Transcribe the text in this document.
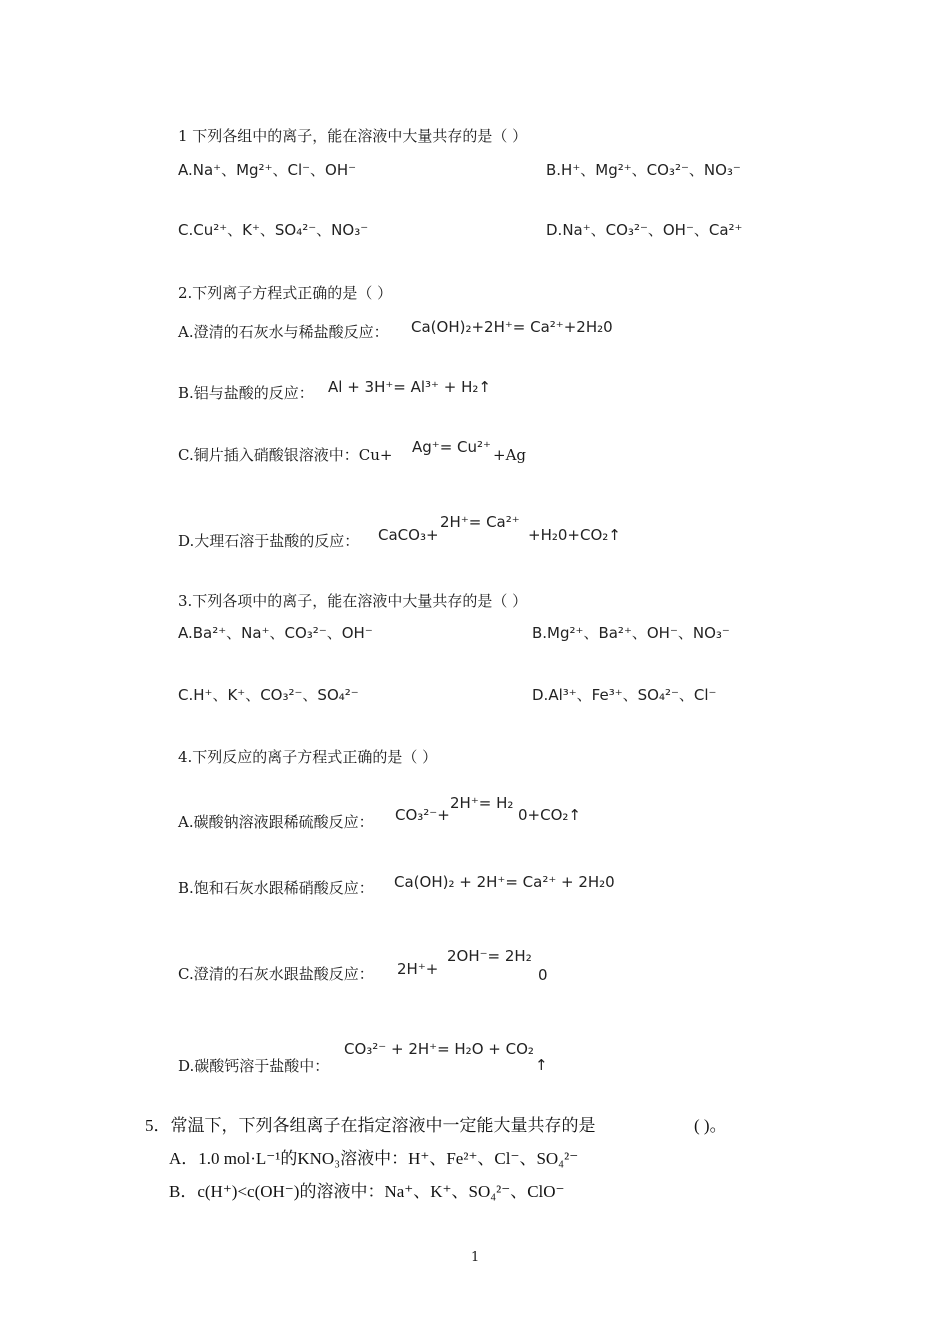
1 下列各组中的离子，能在溶液中大量共存的是（ ）
A.Na⁺、Mg²⁺、Cl⁻、OH⁻	B.H⁺、Mg²⁺、CO₃²⁻、NO₃⁻
C.Cu²⁺、K⁺、SO₄²⁻、NO₃⁻	D.Na⁺、CO₃²⁻、OH⁻、Ca²⁺
2.下列离子方程式正确的是（ ）
A.澄清的石灰水与稀盐酸反应： Ca(OH)₂+2H⁺= Ca²⁺+2H₂0
B.铝与盐酸的反应： Al + 3H⁺= Al³⁺ + H₂↑
C.铜片插入硝酸银溶液中：Cu+ Ag⁺= Cu²⁺ +Ag
D.大理石溶于盐酸的反应： CaCO₃+
2H⁺= Ca²⁺
+H₂0+CO₂↑
3.下列各项中的离子，能在溶液中大量共存的是（ ）
A.Ba²⁺、Na⁺、CO₃²⁻、OH⁻	B.Mg²⁺、Ba²⁺、OH⁻、NO₃⁻
C.H⁺、K⁺、CO₃²⁻、SO₄²⁻	D.Al³⁺、Fe³⁺、SO₄²⁻、Cl⁻
4.下列反应的离子方程式正确的是（ ）
A.碳酸钠溶液跟稀硫酸反应： CO₃²⁻+
2H⁺= H₂
0+CO₂↑
B.饱和石灰水跟稀硝酸反应： Ca(OH)₂ + 2H⁺= Ca²⁺ + 2H₂0
C.澄清的石灰水跟盐酸反应： 2H⁺+
2OH⁻= 2H₂
0
D.碳酸钙溶于盐酸中：
CO₃²⁻ + 2H⁺= H₂O + CO₂
↑
5．常温下，下列各组离子在指定溶液中一定能大量共存的是	( )。
A．1.0 mol·L⁻¹的KNO₃溶液中：H⁺、Fe²⁺、Cl⁻、SO₄²⁻
B．c(H⁺)<c(OH⁻)的溶液中：Na⁺、K⁺、SO₄²⁻、ClO⁻
1
